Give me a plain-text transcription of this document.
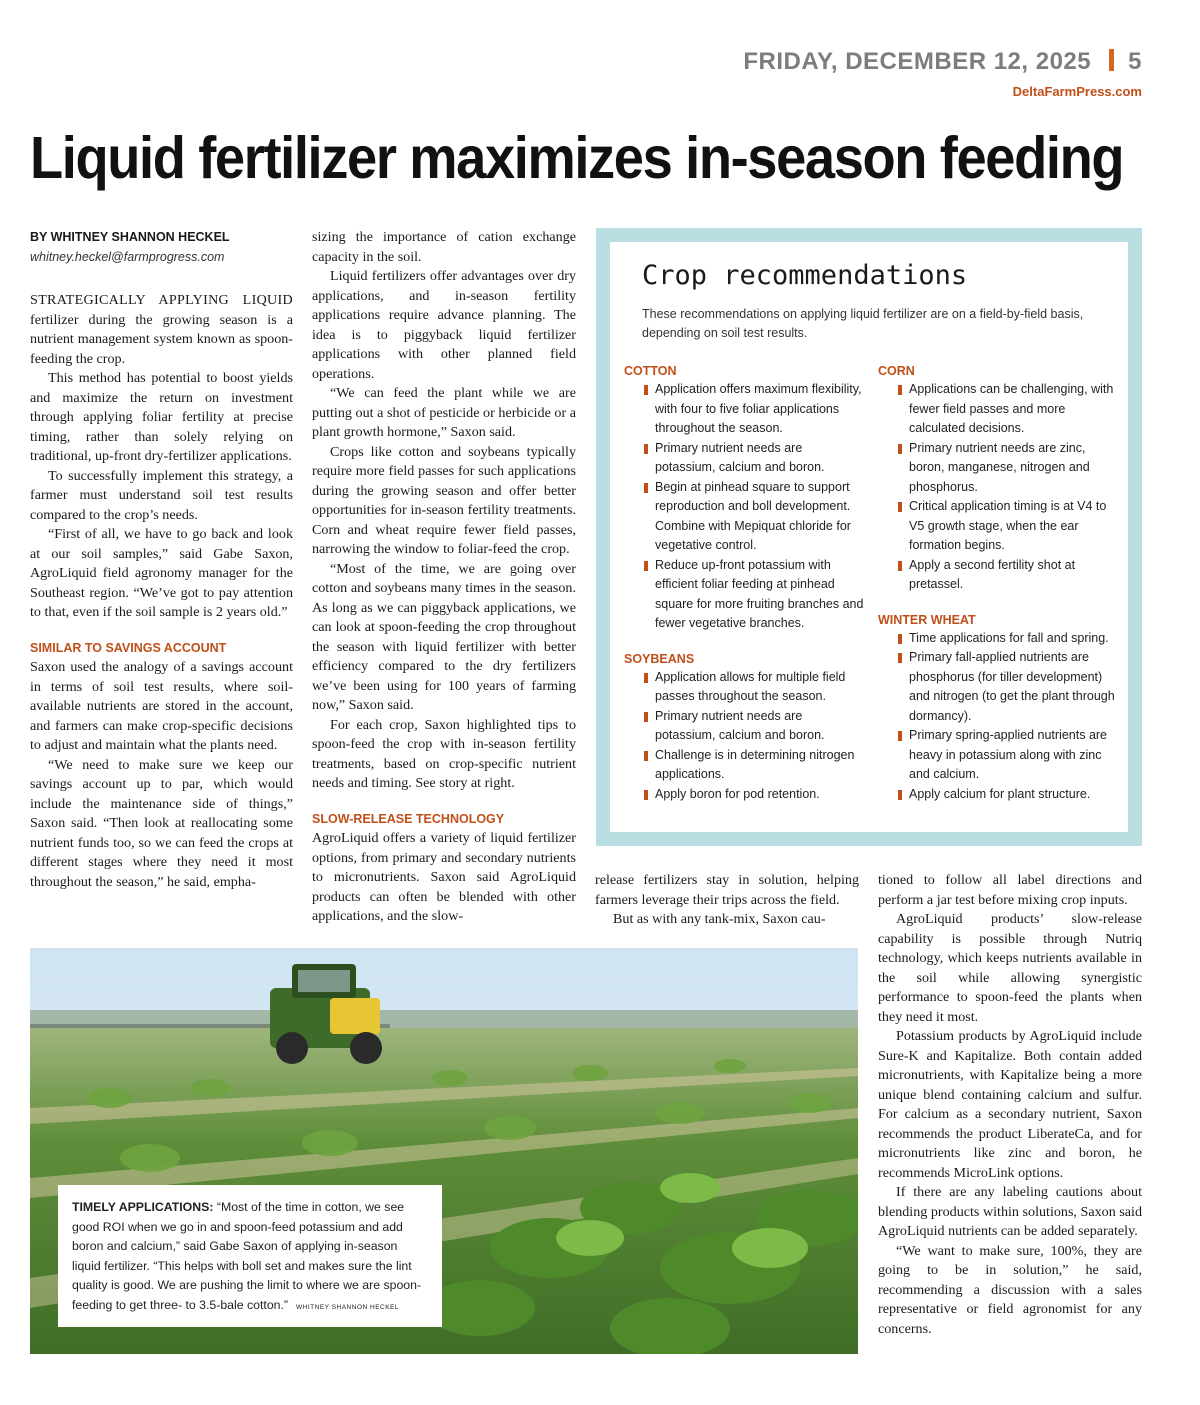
FRIDAY, DECEMBER 12, 2025 5
DeltaFarmPress.com
Liquid fertilizer maximizes in-season feeding
BY WHITNEY SHANNON HECKEL
whitney.heckel@farmprogress.com

STRATEGICALLY APPLYING LIQUID fertilizer during the growing season is a nutrient management system known as spoon-feeding the crop.

This method has potential to boost yields and maximize the return on investment through applying foliar fertility at precise timing, rather than solely relying on traditional, up-front dry-fertilizer applications.

To successfully implement this strategy, a farmer must understand soil test results compared to the crop’s needs.

“First of all, we have to go back and look at our soil samples,” said Gabe Saxon, AgroLiquid field agronomy manager for the Southeast region. “We’ve got to pay attention to that, even if the soil sample is 2 years old.”

SIMILAR TO SAVINGS ACCOUNT

Saxon used the analogy of a savings account in terms of soil test results, where soil-available nutrients are stored in the account, and farmers can make crop-specific decisions to adjust and maintain what the plants need.

“We need to make sure we keep our savings account up to par, which would include the maintenance side of things,” Saxon said. “Then look at reallocating some nutrient funds too, so we can feed the crops at different stages where they need it most throughout the season,” he said, empha-

sizing the importance of cation exchange capacity in the soil.

Liquid fertilizers offer advantages over dry applications, and in-season fertility applications require advance planning. The idea is to piggyback liquid fertilizer applications with other planned field operations.

“We can feed the plant while we are putting out a shot of pesticide or herbicide or a plant growth hormone,” Saxon said.

Crops like cotton and soybeans typically require more field passes for such applications during the growing season and offer better opportunities for in-season fertility treatments. Corn and wheat require fewer field passes, narrowing the window to foliar-feed the crop.

“Most of the time, we are going over cotton and soybeans many times in the season. As long as we can piggyback applications, we can look at spoon-feeding the crop throughout the season with liquid fertilizer with better efficiency compared to the dry fertilizers we’ve been using for 100 years of farming now,” Saxon said.

For each crop, Saxon highlighted tips to spoon-feed the crop with in-season fertility treatments, based on crop-specific nutrient needs and timing. See story at right.

SLOW-RELEASE TECHNOLOGY

AgroLiquid offers a variety of liquid fertilizer options, from primary and secondary nutrients to micronutrients. Saxon said AgroLiquid products can often be blended with other applications, and the slow-

release fertilizers stay in solution, helping farmers leverage their trips across the field.

But as with any tank-mix, Saxon cau-

tioned to follow all label directions and perform a jar test before mixing crop inputs.

AgroLiquid products’ slow-release capability is possible through Nutriq technology, which keeps nutrients available in the soil while allowing synergistic performance to spoon-feed the plants when they need it most.

Potassium products by AgroLiquid include Sure-K and Kapitalize. Both contain added micronutrients, with Kapitalize being a more unique blend containing calcium and sulfur. For calcium as a secondary nutrient, Saxon recommends the product LiberateCa, and for micronutrients like zinc and boron, he recommends MicroLink options.

If there are any labeling cautions about blending products within solutions, Saxon said AgroLiquid nutrients can be added separately.

“We want to make sure, 100%, they are going to be in solution,” he said, recommending a discussion with a sales representative or field agronomist for any concerns.

Crop recommendations
These recommendations on applying liquid fertilizer are on a field-by-field basis, depending on soil test results.
COTTON
Application offers maximum flexibility, with four to five foliar applications throughout the season.
Primary nutrient needs are potassium, calcium and boron.
Begin at pinhead square to support reproduction and boll development. Combine with Mepiquat chloride for vegetative control.
Reduce up-front potassium with efficient foliar feeding at pinhead square for more fruiting branches and fewer vegetative branches.
SOYBEANS
Application allows for multiple field passes throughout the season.
Primary nutrient needs are potassium, calcium and boron.
Challenge is in determining nitrogen applications.
Apply boron for pod retention.
CORN
Applications can be challenging, with fewer field passes and more calculated decisions.
Primary nutrient needs are zinc, boron, manganese, nitrogen and phosphorus.
Critical application timing is at V4 to V5 growth stage, when the ear formation begins.
Apply a second fertility shot at pretassel.
WINTER WHEAT
Time applications for fall and spring.
Primary fall-applied nutrients are phosphorus (for tiller development) and nitrogen (to get the plant through dormancy).
Primary spring-applied nutrients are heavy in potassium along with zinc and calcium.
Apply calcium for plant structure.
TIMELY APPLICATIONS: “Most of the time in cotton, we see good ROI when we go in and spoon-feed potassium and add boron and calcium,” said Gabe Saxon of applying in-season liquid fertilizer. “This helps with boll set and makes sure the lint quality is good. We are pushing the limit to where we are spoon-feeding to get three- to 3.5-bale cotton.” WHITNEY SHANNON HECKEL
